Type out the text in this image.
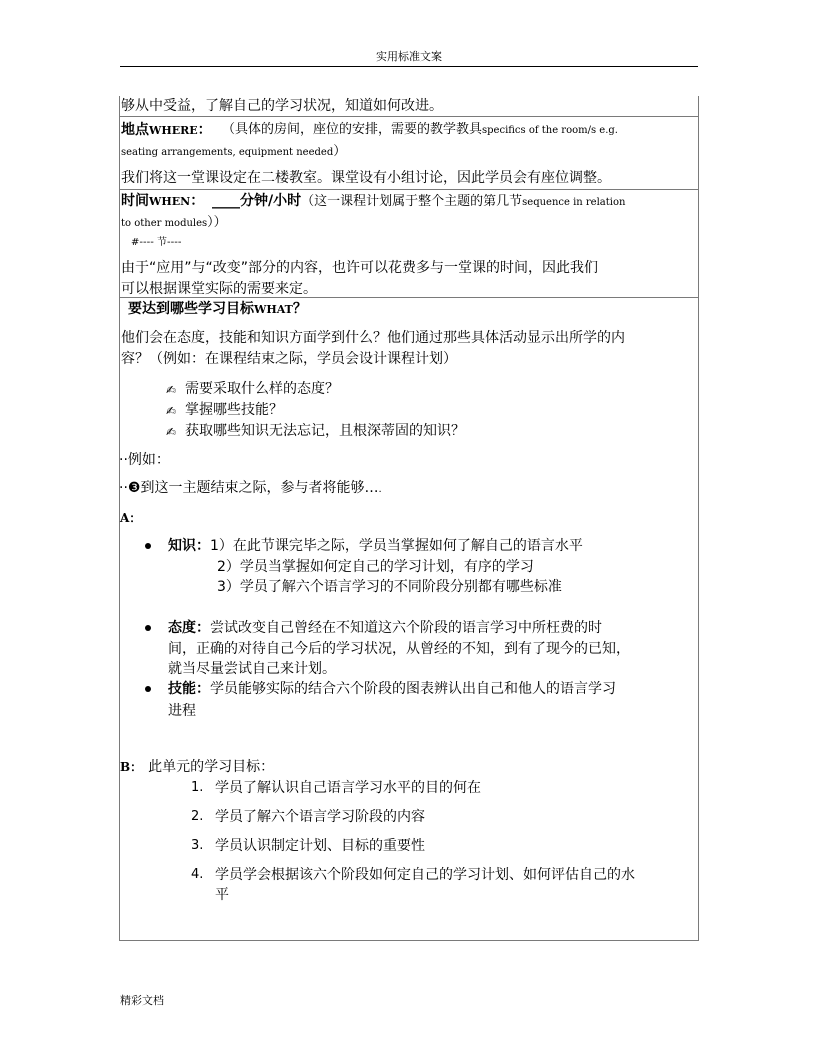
实用标准文案
够从中受益，了解自己的学习状况，知道如何改进。
地点WHERE： （具体的房间，座位的安排，需要的教学教具specifics of the room/s e.g.
seating arrangements, equipment needed）
我们将这一堂课设定在二楼教室。课堂设有小组讨论，因此学员会有座位调整。
时间WHEN： ____分钟/小时（这一课程计划属于整个主题的第几节sequence in relation
to other modules））
#---- 节----
由于“应用”与“改变”部分的内容，也许可以花费多与一堂课的时间，因此我们
可以根据课堂实际的需要来定。
要达到哪些学习目标WHAT？
他们会在态度，技能和知识方面学到什么？他们通过那些具体活动显示出所学的内
容？（例如：在课程结束之际，学员会设计课程计划）
✍ 需要采取什么样的态度？
✍ 掌握哪些技能？
✍ 获取哪些知识无法忘记，且根深蒂固的知识？
··例如：
··❸到这一主题结束之际，参与者将能够….
A：
知识：1）在此节课完毕之际，学员当掌握如何了解自己的语言水平
2）学员当掌握如何定自己的学习计划，有序的学习
3）学员了解六个语言学习的不同阶段分别都有哪些标准
态度：尝试改变自己曾经在不知道这六个阶段的语言学习中所枉费的时
间，正确的对待自己今后的学习状况，从曾经的不知，到有了现今的已知，
就当尽量尝试自己来计划。
技能：学员能够实际的结合六个阶段的图表辨认出自己和他人的语言学习
进程
B： 此单元的学习目标：
1. 学员了解认识自己语言学习水平的目的何在
2. 学员了解六个语言学习阶段的内容
3. 学员认识制定计划、目标的重要性
4. 学员学会根据该六个阶段如何定自己的学习计划、如何评估自己的水
平
精彩文档
